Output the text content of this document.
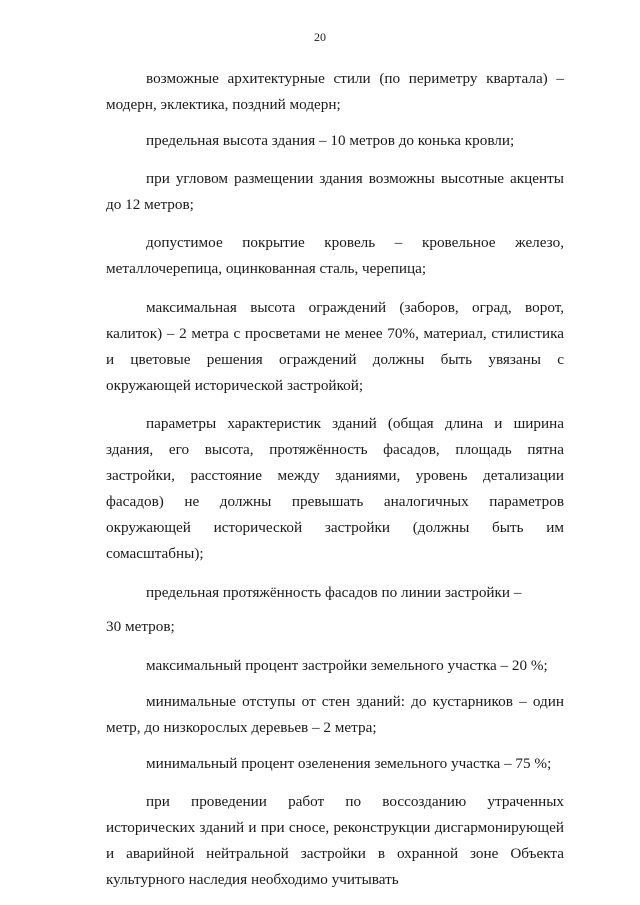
20

возможные архитектурные стили (по периметру квартала) – модерн, эклектика, поздний модерн;

предельная высота здания – 10 метров до конька кровли;

при угловом размещении здания возможны высотные акценты до 12 метров;

допустимое покрытие кровель – кровельное железо, металлочерепица, оцинкованная сталь, черепица;

максимальная высота ограждений (заборов, оград, ворот, калиток) – 2 метра с просветами не менее 70%, материал, стилистика и цветовые решения ограждений должны быть увязаны с окружающей исторической застройкой;

параметры характеристик зданий (общая длина и ширина здания, его высота, протяжённость фасадов, площадь пятна застройки, расстояние между зданиями, уровень детализации фасадов) не должны превышать аналогичных параметров окружающей исторической застройки (должны быть им сомасштабны);

предельная протяжённость фасадов по линии застройки –

30 метров;

максимальный процент застройки земельного участка – 20 %;

минимальные отступы от стен зданий: до кустарников – один метр, до низкорослых деревьев – 2 метра;

минимальный процент озеленения земельного участка – 75 %;

при проведении работ по воссозданию утраченных исторических зданий и при сносе, реконструкции дисгармонирующей и аварийной нейтральной застройки в охранной зоне Объекта культурного наследия необходимо учитывать
